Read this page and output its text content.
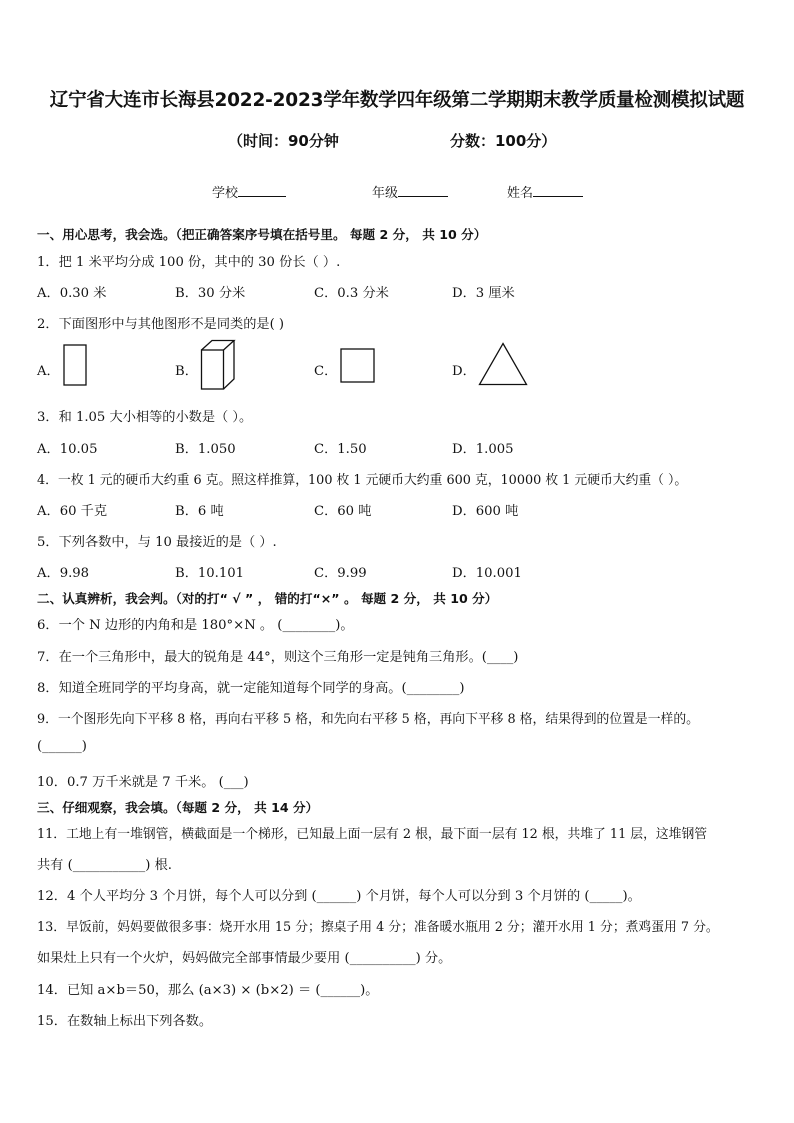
辽宁省大连市长海县2022-2023学年数学四年级第二学期期末教学质量检测模拟试题
（时间：90分钟	分数：100分）
学校	年级	姓名
一、用心思考，我会选。（把正确答案序号填在括号里。 每题 2 分， 共 10 分）
1．把 1 米平均分成 100 份，其中的 30 份长（ ）.
A．0.30 米	B．30 分米	C．0.3 分米	D．3 厘米
2．下面图形中与其他图形不是同类的是( )
A．	B．	C．	D．
3．和 1.05 大小相等的小数是（ ）。
A．10.05	B．1.050	C．1.50	D．1.005
4．一枚 1 元的硬币大约重 6 克。照这样推算，100 枚 1 元硬币大约重 600 克，10000 枚 1 元硬币大约重（ ）。
A．60 千克	B．6 吨	C．60 吨	D．600 吨
5．下列各数中，与 10 最接近的是（ ）.
A．9.98	B．10.101	C．9.99	D．10.001
二、认真辨析，我会判。（对的打“ √ ” ， 错的打“×” 。 每题 2 分， 共 10 分）
6．一个 N 边形的内角和是 180°×N 。 (________)。
7．在一个三角形中，最大的锐角是 44°，则这个三角形一定是钝角三角形。(____)
8．知道全班同学的平均身高，就一定能知道每个同学的身高。(________)
9．一个图形先向下平移 8 格，再向右平移 5 格，和先向右平移 5 格，再向下平移 8 格，结果得到的位置是一样的。
(______)
10．0.7 万千米就是 7 千米。 (___)
三、仔细观察，我会填。（每题 2 分， 共 14 分）
11．工地上有一堆钢管，横截面是一个梯形，已知最上面一层有 2 根，最下面一层有 12 根，共堆了 11 层，这堆钢管
共有 (___________) 根.
12．4 个人平均分 3 个月饼，每个人可以分到 (______) 个月饼，每个人可以分到 3 个月饼的 (_____)。
13．早饭前，妈妈要做很多事：烧开水用 15 分；擦桌子用 4 分；准备暖水瓶用 2 分；灌开水用 1 分；煮鸡蛋用 7 分。
如果灶上只有一个火炉，妈妈做完全部事情最少要用 (__________) 分。
14．已知 a×b＝50，那么 (a×3) × (b×2) ＝ (______)。
15．在数轴上标出下列各数。
